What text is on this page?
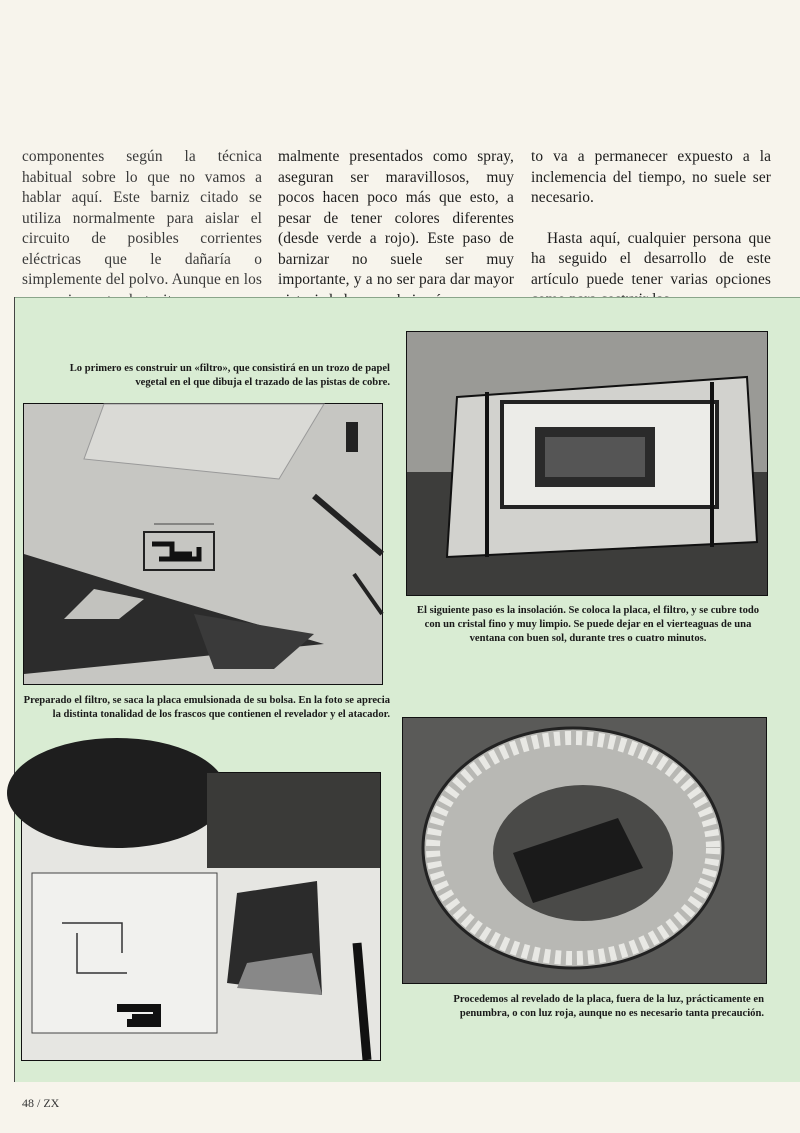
componentes según la técnica habitual sobre lo que no vamos a hablar aquí. Este barniz citado se utiliza normalmente para aislar el circuito de posibles corrientes eléctricas que le dañaría o simplemente del polvo. Aunque en los
malmente presentados como spray, aseguran ser maravillosos, muy pocos hacen poco más que esto, a pesar de tener colores diferentes (desde verde a rojo). Este paso de barnizar no suele ser muy importante, y a no ser para dar mayor

to va a permanecer expuesto a la inclemencia del tiempo, no suele ser necesario.

Hasta aquí, cualquier persona que ha seguido el desarrollo de este artículo puede tener varias opciones

Lo primero es construir un «filtro», que consistirá en un trozo de papel vegetal en el que dibuja el trazado de las pistas de cobre.
El siguiente paso es la insolación. Se coloca la placa, el filtro, y se cubre todo con un cristal fino y muy limpio. Se puede dejar en el vierteaguas de una ventana con buen sol, durante tres o cuatro minutos.
Preparado el filtro, se saca la placa emulsionada de su bolsa. En la foto se aprecia la distinta tonalidad de los frascos que contienen el revelador y el atacador.
Procedemos al revelado de la placa, fuera de la luz, prácticamente en penumbra, o con luz roja, aunque no es necesario tanta precaución.
48 / ZX
